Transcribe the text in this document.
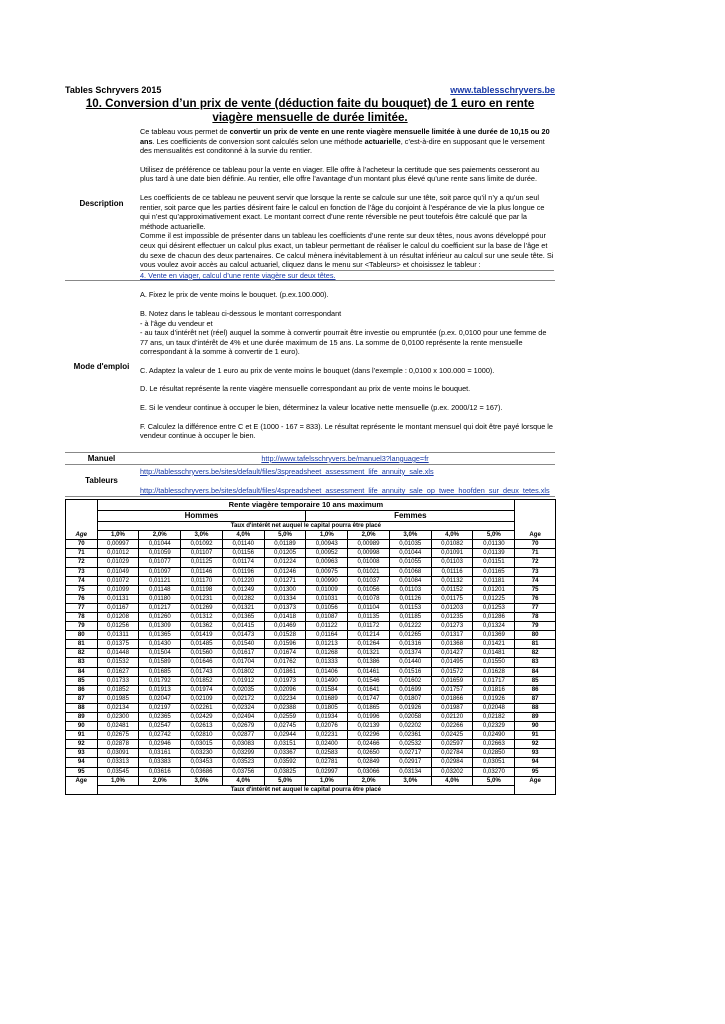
Tables Schryvers 2015	www.tablesschryvers.be
10. Conversion d’un prix de vente (déduction faite du bouquet) de 1 euro en rente viagère mensuelle de durée limitée.
Description

Ce tableau vous permet de convertir un prix de vente en une rente viagère mensuelle limitée à une durée de 10,15 ou 20 ans. Les coefficients de conversion sont calculés selon une méthode actuarielle, c’est-à-dire en supposant que le versement des mensualités est conditonné à la survie du rentier.

Utilisez de préférence ce tableau pour la vente en viager. Elle offre à l’acheteur la certitude que ses paiements cesseront au plus tard à une date bien définie. Au rentier, elle offre l’avantage d’un montant plus élevé qu’une rente sans limite de durée.

Les coefficients de ce tableau ne peuvent servir que lorsque la rente se calcule sur une tête, soit parce qu’il n’y a qu’un seul rentier, soit parce que les parties désirent faire le calcul en fonction de l’âge du conjoint à l’espérance de vie la plus longue ce qui n’est qu’approximativement exact. Le montant correct d’une rente réversible ne peut toutefois être calculé que par la méthode actuarielle.

Comme il est impossible de présenter dans un tableau les coefficients d’une rente sur deux têtes, nous avons développé pour ceux qui désirent effectuer un calcul plus exact, un tableur permettant de réaliser le calcul du coefficient sur la base de l’âge et du sexe de chacun des deux partenaires. Ce calcul mènera inévitablement à un résultat inférieur au calcul sur une seule tête. Si vous voulez avoir accès au calcul actuariel, cliquez dans le menu sur <Tableurs> et choisissez le tableur :

4. Vente en viager, calcul d’une rente viagère sur deux têtes.
Mode d'emploi

A. Fixez le prix de vente moins le bouquet. (p.ex.100.000).

B. Notez dans le tableau ci-dessous le montant correspondant

- à l’âge du vendeur et

- au taux d’intérêt net (réel) auquel la somme à convertir pourrait être investie ou empruntée (p.ex. 0,0100 pour une femme de 77 ans, un taux d’intérêt de 4% et une durée maximum de 15 ans. La somme de 0,0100 représente la rente mensuelle correspondant à la somme à convertir de 1 euro).

C. Adaptez la valeur de 1 euro au prix de vente moins le bouquet (dans l’exemple : 0,0100 x 100.000 = 1000).

D. Le résultat représente la rente viagère mensuelle correspondant au prix de vente moins le bouquet.

E. Si le vendeur continue à occuper le bien, déterminez la valeur locative nette mensuelle (p.ex. 2000/12 = 167).

F. Calculez la différence entre C et E (1000 - 167 = 833). Le résultat représente le montant mensuel qui doit être payé lorsque le vendeur continue à occuper le bien.

Manuel	http://www.tafelsschryvers.be/manuel3?language=fr
Tableurs
http://tablesschryvers.be/sites/default/files/3spreadsheet_assessment_life_annuity_sale.xls
http://tablesschryvers.be/sites/default/files/4spreadsheet_assessment_life_annuity_sale_op_twee_hoofden_sur_deux_tetes.xls
	Rente viagère temporaire 10 ans maximum										
	Hommes					Femmes					
	Taux d'intérêt net auquel le capital pourra être placé										
Age	1,0%	2,0%	3,0%	4,0%	5,0%	1,0%	2,0%	3,0%	4,0%	5,0%	Age
70	0,00997	0,01044	0,01092	0,01140	0,01189	0,00943	0,00989	0,01035	0,01082	0,01130	70
71	0,01012	0,01059	0,01107	0,01156	0,01205	0,00952	0,00998	0,01044	0,01091	0,01139	71
72	0,01029	0,01077	0,01125	0,01174	0,01224	0,00963	0,01008	0,01055	0,01103	0,01151	72
73	0,01049	0,01097	0,01146	0,01196	0,01246	0,00975	0,01021	0,01068	0,01116	0,01165	73
74	0,01072	0,01121	0,01170	0,01220	0,01271	0,00990	0,01037	0,01084	0,01132	0,01181	74
75	0,01099	0,01148	0,01198	0,01249	0,01300	0,01009	0,01056	0,01103	0,01152	0,01201	75
76	0,01131	0,01180	0,01231	0,01282	0,01334	0,01031	0,01078	0,01126	0,01175	0,01225	76
77	0,01167	0,01217	0,01269	0,01321	0,01373	0,01056	0,01104	0,01153	0,01203	0,01253	77
78	0,01208	0,01260	0,01312	0,01365	0,01418	0,01087	0,01135	0,01185	0,01235	0,01286	78
79	0,01256	0,01309	0,01362	0,01415	0,01469	0,01122	0,01172	0,01222	0,01273	0,01324	79
80	0,01311	0,01365	0,01419	0,01473	0,01528	0,01164	0,01214	0,01265	0,01317	0,01369	80
81	0,01375	0,01430	0,01485	0,01540	0,01596	0,01213	0,01264	0,01316	0,01368	0,01421	81
82	0,01448	0,01504	0,01560	0,01617	0,01674	0,01268	0,01321	0,01374	0,01427	0,01481	82
83	0,01532	0,01589	0,01646	0,01704	0,01762	0,01333	0,01386	0,01440	0,01495	0,01550	83
84	0,01627	0,01685	0,01743	0,01802	0,01861	0,01406	0,01461	0,01516	0,01572	0,01628	84
85	0,01733	0,01792	0,01852	0,01912	0,01973	0,01490	0,01546	0,01602	0,01659	0,01717	85
86	0,01852	0,01913	0,01974	0,02035	0,02096	0,01584	0,01641	0,01699	0,01757	0,01816	86
87	0,01985	0,02047	0,02109	0,02172	0,02234	0,01689	0,01747	0,01807	0,01866	0,01926	87
88	0,02134	0,02197	0,02261	0,02324	0,02388	0,01805	0,01865	0,01926	0,01987	0,02048	88
89	0,02300	0,02365	0,02429	0,02494	0,02559	0,01934	0,01996	0,02058	0,02120	0,02182	89
90	0,02481	0,02547	0,02613	0,02679	0,02745	0,02076	0,02139	0,02202	0,02266	0,02329	90
91	0,02675	0,02742	0,02810	0,02877	0,02944	0,02231	0,02296	0,02361	0,02425	0,02490	91
92	0,02878	0,02946	0,03015	0,03083	0,03151	0,02400	0,02466	0,02532	0,02597	0,02663	92
93	0,03091	0,03161	0,03230	0,03299	0,03367	0,02583	0,02650	0,02717	0,02784	0,02850	93
94	0,03313	0,03383	0,03453	0,03523	0,03592	0,02781	0,02849	0,02917	0,02984	0,03051	94
95	0,03545	0,03616	0,03686	0,03756	0,03825	0,02997	0,03066	0,03134	0,03202	0,03270	95
Age	1,0%	2,0%	3,0%	4,0%	5,0%	1,0%	2,0%	3,0%	4,0%	5,0%	Age
	Taux d'intérêt net auquel le capital pourra être placé										
